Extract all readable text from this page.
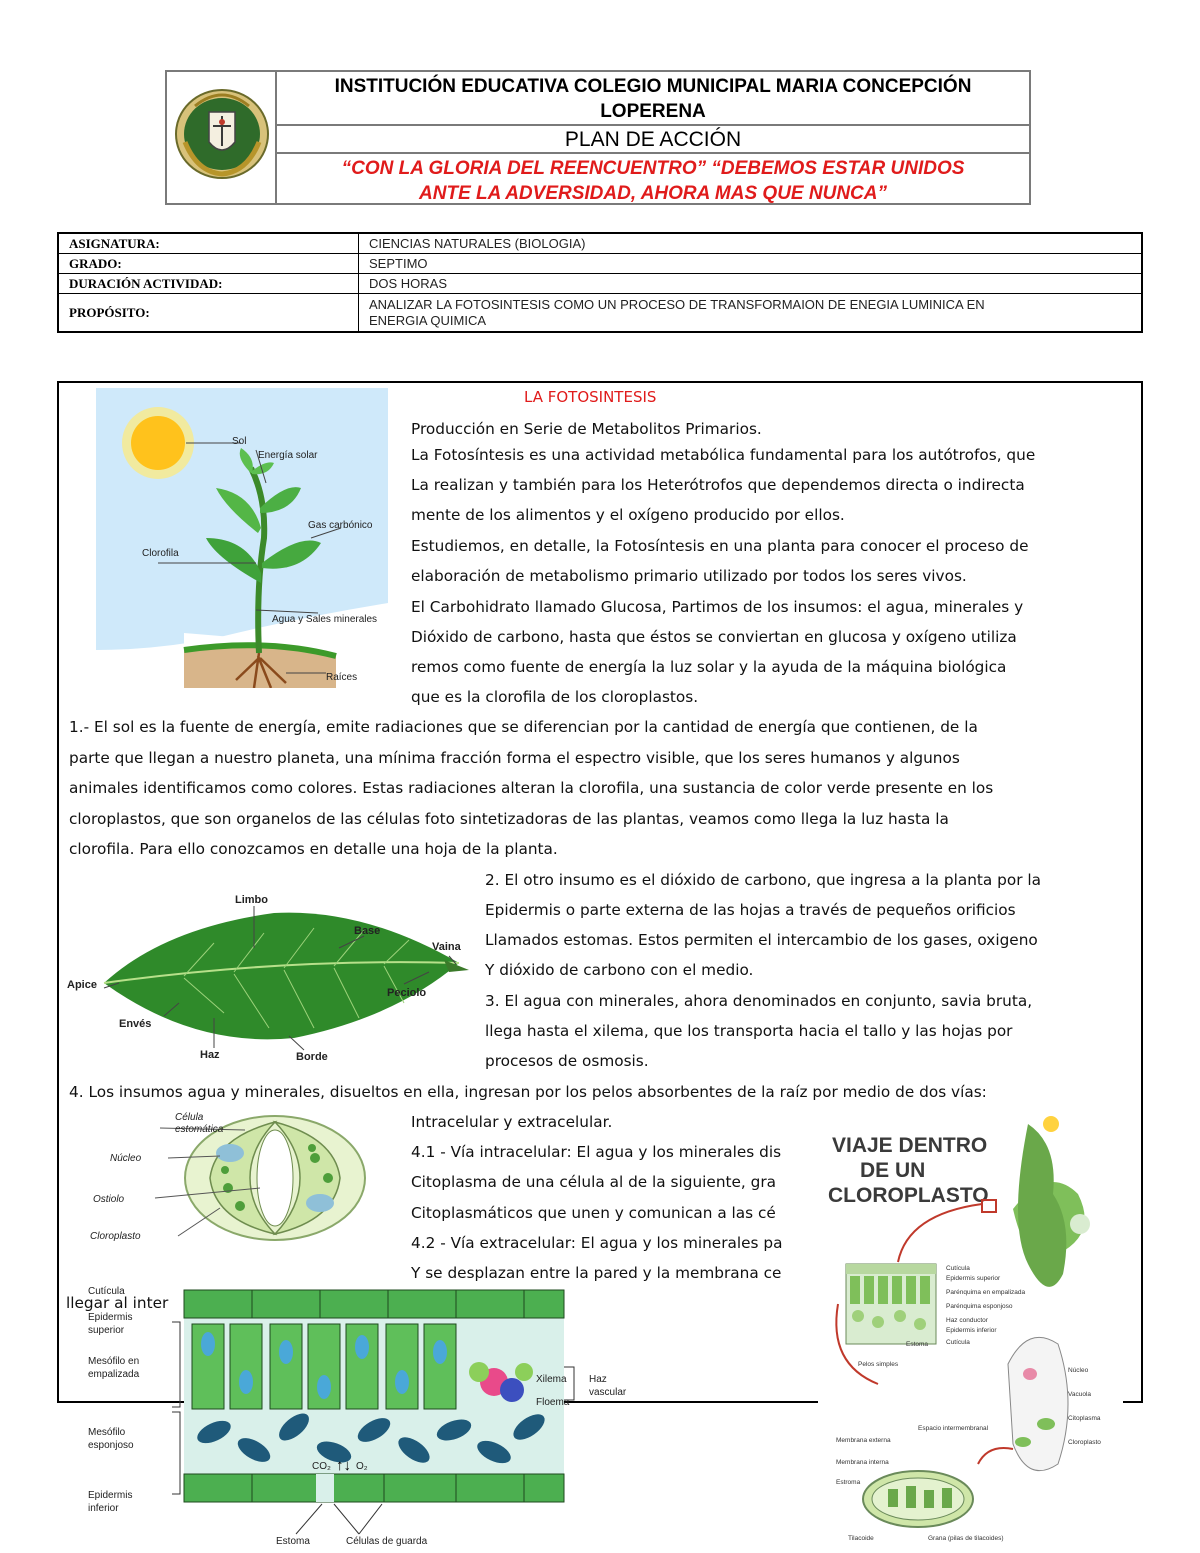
INSTITUCIÓN EDUCATIVA COLEGIO MUNICIPAL MARIA CONCEPCIÓN
LOPERENA
PLAN DE ACCIÓN
“CON LA GLORIA DEL REENCUENTRO” “DEBEMOS ESTAR UNIDOS
ANTE LA ADVERSIDAD, AHORA MAS QUE NUNCA”
ASIGNATURA:	CIENCIAS NATURALES (BIOLOGIA)
GRADO:	SEPTIMO
DURACIÓN ACTIVIDAD:	DOS HORAS
PROPÓSITO:
ANALIZAR LA FOTOSINTESIS COMO UN PROCESO DE TRANSFORMAION DE ENEGIA LUMINICA EN
ENERGIA QUIMICA
LA FOTOSINTESIS
Sol
Energía solar
Gas carbónico
Clorofila
Agua y Sales minerales
Raíces
Producción en Serie de Metabolitos Primarios.
La Fotosíntesis es una actividad metabólica fundamental para los autótrofos, que
La realizan y también para los Heterótrofos que dependemos directa o indirecta
mente de los alimentos y el oxígeno producido por ellos.
Estudiemos, en detalle, la Fotosíntesis en una planta para conocer el proceso de
elaboración de metabolismo primario utilizado por todos los seres vivos.
El Carbohidrato llamado Glucosa, Partimos de los insumos: el agua, minerales y
Dióxido de carbono, hasta que éstos se conviertan en glucosa y oxígeno utiliza
remos como fuente de energía la luz solar y la ayuda de la máquina biológica
que es la clorofila de los cloroplastos.
1.- El sol es la fuente de energía, emite radiaciones que se diferencian por la cantidad de energía que contienen, de la
parte que llegan a nuestro planeta, una mínima fracción forma el espectro visible, que los seres humanos y algunos
animales identificamos como colores. Estas radiaciones alteran la clorofila, una sustancia de color verde presente en los
cloroplastos, que son organelos de las células foto sintetizadoras de las plantas, veamos como llega la luz hasta la
clorofila. Para ello conozcamos en detalle una hoja de la planta.
Limbo
Base
Vaina
Apice
Peciolo
Envés
Haz	Borde
2. El otro insumo es el dióxido de carbono, que ingresa a la planta por la
Epidermis o parte externa de las hojas a través de pequeños orificios
Llamados estomas. Estos permiten el intercambio de los gases, oxigeno
Y dióxido de carbono con el medio.
3. El agua con minerales, ahora denominados en conjunto, savia bruta,
llega hasta el xilema, que los transporta hacia el tallo y las hojas por
procesos de osmosis.
4. Los insumos agua y minerales, disueltos en ella, ingresan por los pelos absorbentes de la raíz por medio de dos vías:
Intracelular y extracelular.
4.1 - Vía intracelular: El agua y los minerales dis
Citoplasma de una célula al de la siguiente, gra
Citoplasmáticos que unen y comunican a las cé
4.2 - Vía extracelular: El agua y los minerales pa
Y se desplazan entre la pared y la membrana ce
llegar al inter
Célula
estomática
Núcleo
Ostiolo
Cloroplasto
CO₂ ↑↓ O₂
Cutícula
Epidermis
superior
Mesófilo en
empalizada
Mesófilo
esponjoso
Epidermis
inferior
Xilema
Floema
Haz
vascular
Estoma	Células de guarda
VIAJE DENTRO
DE UN
CLOROPLASTO
Cutícula
Epidermis superior
Parénquima en empalizada
Parénquima esponjoso
Haz conductor
Epidermis inferior
Estoma	Cutícula
Pelos simples
Núcleo
Vacuola
Citoplasma
Cloroplasto
Membrana externa
Membrana interna
Estroma
Espacio intermembranal
Tilacoide	Grana (pilas de tilacoides)
